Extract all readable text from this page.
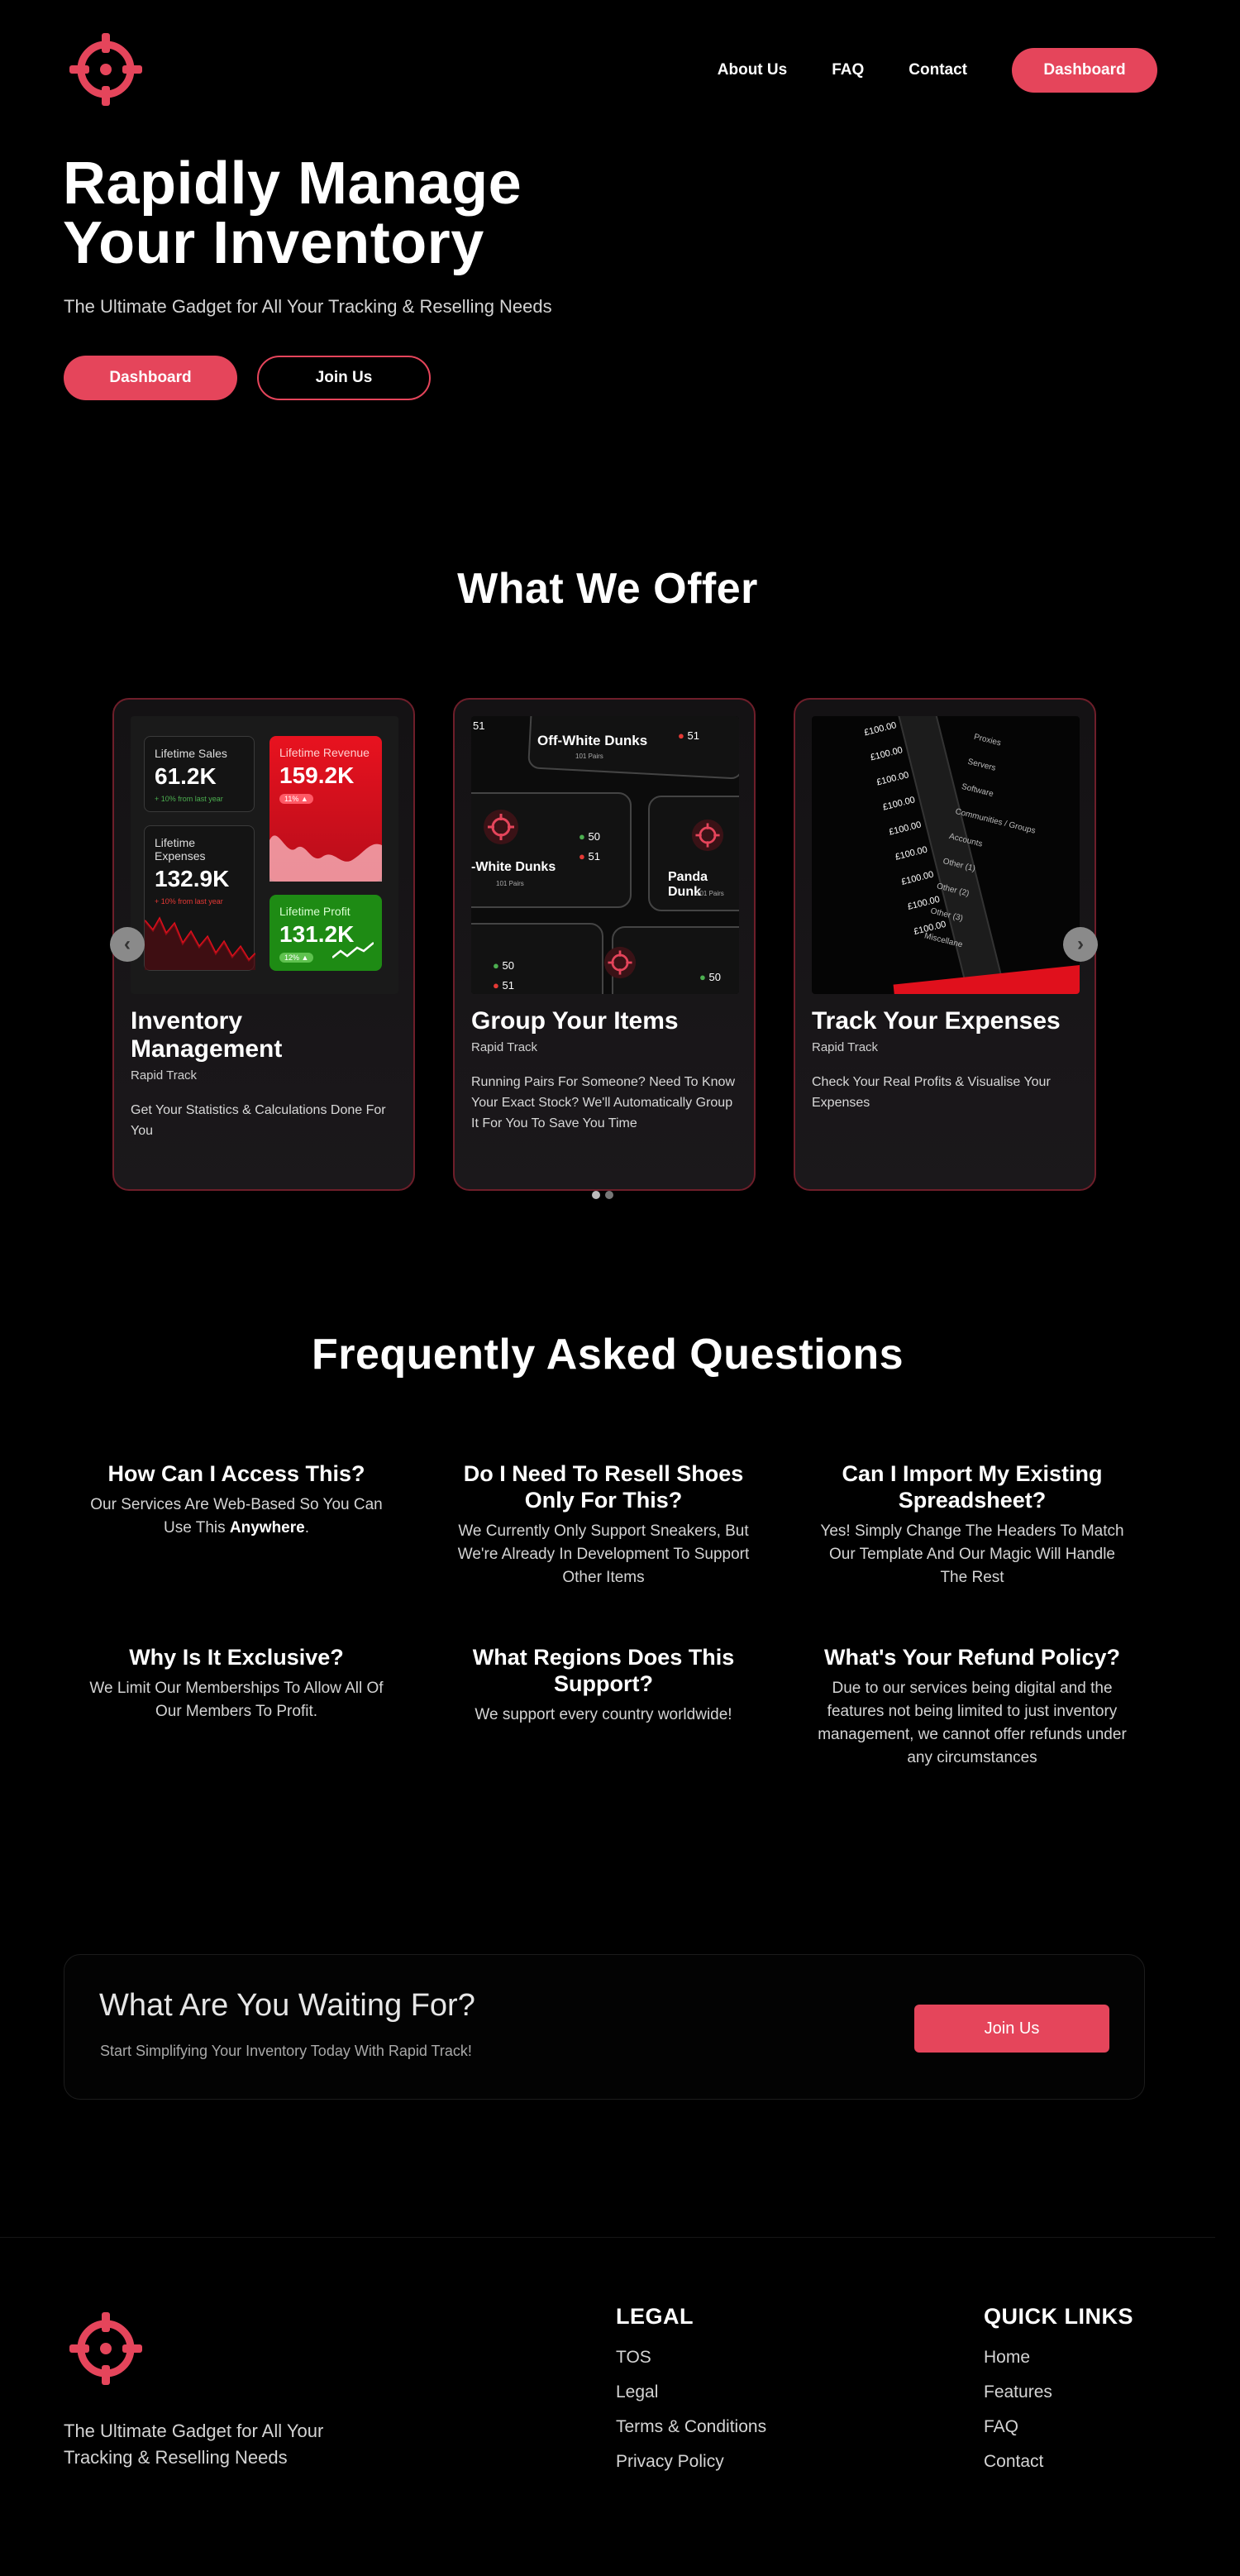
About Us	FAQ	Contact	Dashboard
Rapidly Manage
Your Inventory

The Ultimate Gadget for All Your Tracking & Reselling Needs

Dashboard	Join Us
What We Offer
Lifetime Sales
61.2K
+ 10% from last year
Lifetime Revenue
159.2K
11% ▲
Lifetime Expenses
132.9K
+ 10% from last year
Lifetime Profit
131.2K
12% ▲
Inventory Management
Rapid Track
Get Your Statistics & Calculations Done For You
Off-White Dunks
101 Pairs
51
● 51
-White Dunks
101 Pairs
● 50
● 51
Panda Dunk
101 Pairs
● 50
● 51
● 50
Group Your Items
Rapid Track
Running Pairs For Someone? Need To Know Your Exact Stock? We'll Automatically Group It For You To Save You Time
£100.00
£100.00
£100.00
£100.00
£100.00
£100.00
£100.00
£100.00
£100.00
Proxies
Servers
Software
Communities / Groups
Accounts
Other (1)
Other (2)
Other (3)
Miscellane
Track Your Expenses
Rapid Track
Check Your Real Profits & Visualise Your Expenses
‹	›
Frequently Asked Questions
How Can I Access This?
Our Services Are Web-Based So You Can Use This Anywhere.
Do I Need To Resell Shoes Only For This?
We Currently Only Support Sneakers, But We're Already In Development To Support Other Items
Can I Import My Existing Spreadsheet?
Yes! Simply Change The Headers To Match Our Template And Our Magic Will Handle The Rest
Why Is It Exclusive?
We Limit Our Memberships To Allow All Of Our Members To Profit.
What Regions Does This Support?
We support every country worldwide!
What's Your Refund Policy?
Due to our services being digital and the features not being limited to just inventory management, we cannot offer refunds under any circumstances
What Are You Waiting For?
Start Simplifying Your Inventory Today With Rapid Track!
Join Us
The Ultimate Gadget for All Your Tracking & Reselling Needs
LEGAL
TOS
Legal
Terms & Conditions
Privacy Policy
QUICK LINKS
Home
Features
FAQ
Contact
